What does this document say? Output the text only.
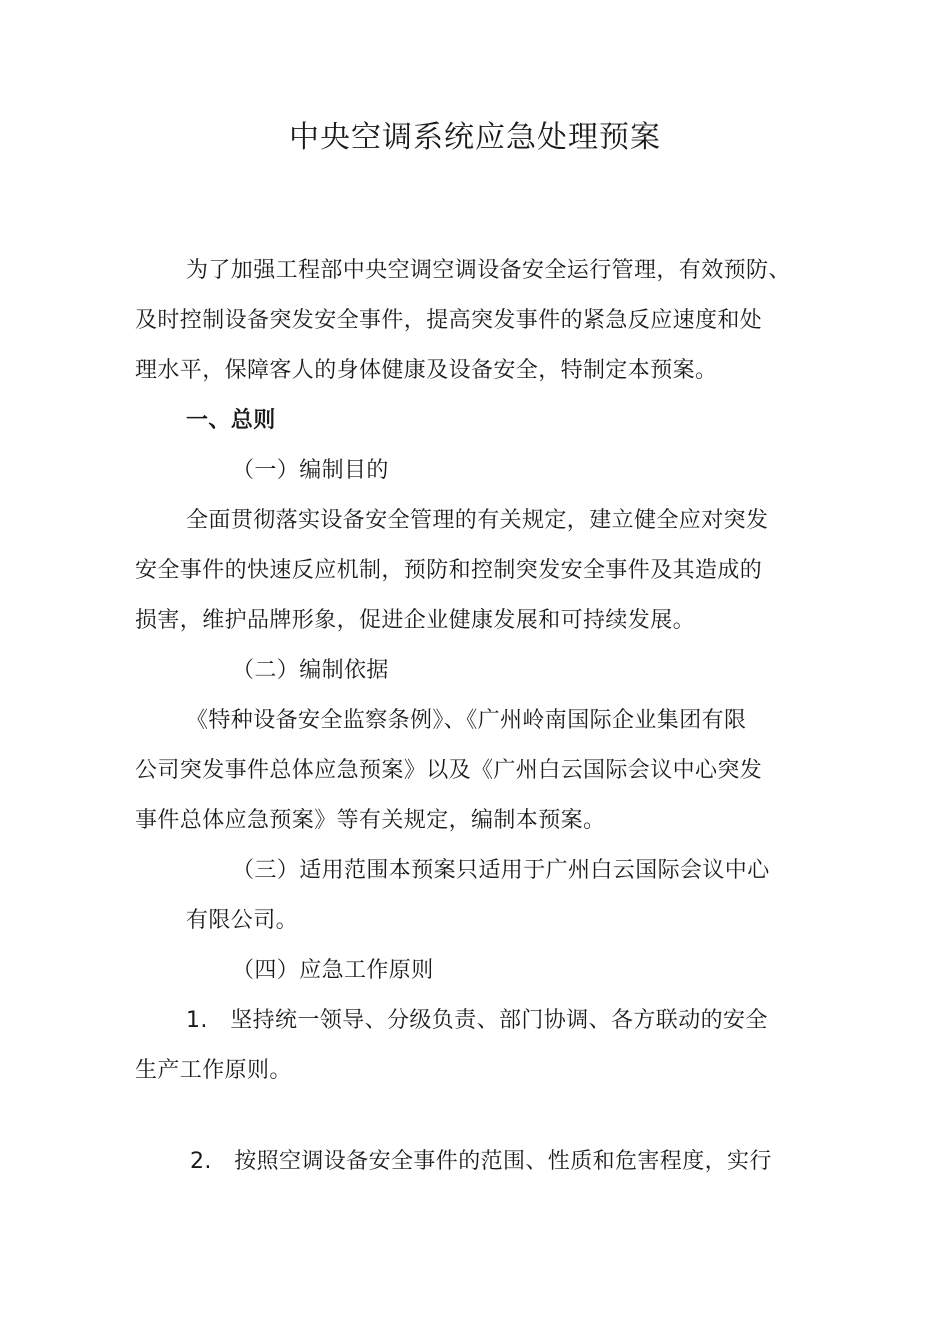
中央空调系统应急处理预案
为了加强工程部中央空调空调设备安全运行管理，有效预防、
及时控制设备突发安全事件，提高突发事件的紧急反应速度和处
理水平，保障客人的身体健康及设备安全，特制定本预案。
一、总则
（一）编制目的
全面贯彻落实设备安全管理的有关规定，建立健全应对突发
安全事件的快速反应机制，预防和控制突发安全事件及其造成的
损害，维护品牌形象，促进企业健康发展和可持续发展。
（二）编制依据
《特种设备安全监察条例》、《广州岭南国际企业集团有限
公司突发事件总体应急预案》以及《广州白云国际会议中心突发
事件总体应急预案》等有关规定，编制本预案。
（三）适用范围本预案只适用于广州白云国际会议中心
有限公司。
（四）应急工作原则
1.　坚持统一领导、分级负责、部门协调、各方联动的安全
生产工作原则。
2.　按照空调设备安全事件的范围、性质和危害程度，实行
